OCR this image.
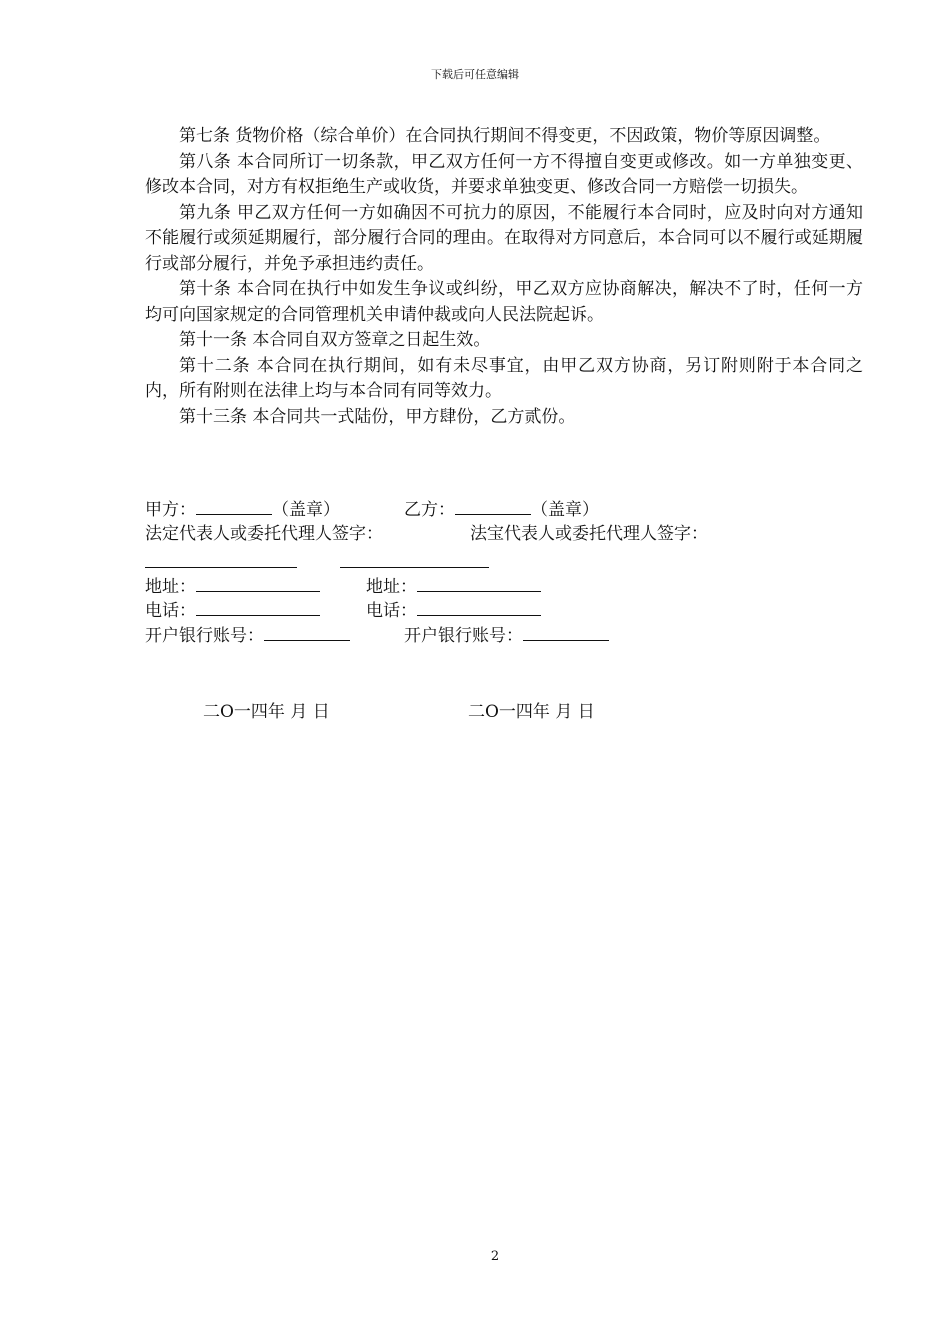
下载后可任意编辑

第七条 货物价格（综合单价）在合同执行期间不得变更，不因政策，物价等原因调整。

第八条 本合同所订一切条款，甲乙双方任何一方不得擅自变更或修改。如一方单独变更、修改本合同，对方有权拒绝生产或收货，并要求单独变更、修改合同一方赔偿一切损失。

第九条 甲乙双方任何一方如确因不可抗力的原因，不能履行本合同时，应及时向对方通知不能履行或须延期履行，部分履行合同的理由。在取得对方同意后，本合同可以不履行或延期履行或部分履行，并免予承担违约责任。

第十条 本合同在执行中如发生争议或纠纷，甲乙双方应协商解决，解决不了时，任何一方均可向国家规定的合同管理机关申请仲裁或向人民法院起诉。

第十一条 本合同自双方签章之日起生效。

第十二条 本合同在执行期间，如有未尽事宜，由甲乙双方协商，另订附则附于本合同之内，所有附则在法律上均与本合同有同等效力。

第十三条 本合同共一式陆份，甲方肆份，乙方贰份。

甲方：	（盖章）	乙方：	（盖章）
法定代表人或委托代理人签字：	法宝代表人或委托代理人签字：
地址：	地址：
电话：	电话：
开户银行账号：	开户银行账号：
二O一四年 月 日	二O一四年 月 日
2
